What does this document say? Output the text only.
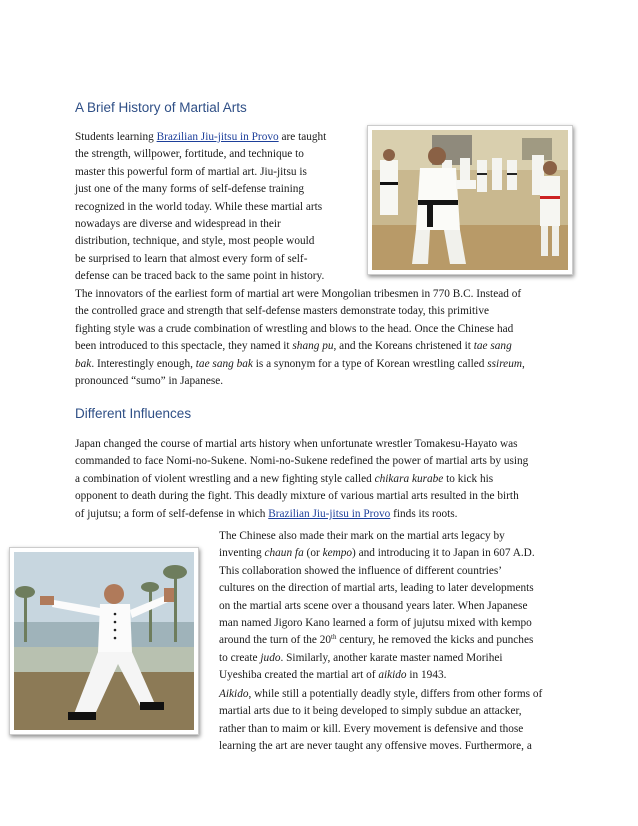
A Brief History of Martial Arts

Students learning Brazilian Jiu-jitsu in Provo are taught
the strength, willpower, fortitude, and technique to
master this powerful form of martial art. Jiu-jitsu is
just one of the many forms of self-defense training
recognized in the world today. While these martial arts
nowadays are diverse and widespread in their
distribution, technique, and style, most people would
be surprised to learn that almost every form of self-
defense can be traced back to the same point in history.

The innovators of the earliest form of martial art were Mongolian tribesmen in 770 B.C. Instead of
the controlled grace and strength that self-defense masters demonstrate today, this primitive
fighting style was a crude combination of wrestling and blows to the head. Once the Chinese had
been introduced to this spectacle, they named it shang pu, and the Koreans christened it tae sang
bak. Interestingly enough, tae sang bak is a synonym for a type of Korean wrestling called ssireum,
pronounced “sumo” in Japanese.

Different Influences

Japan changed the course of martial arts history when unfortunate wrestler Tomakesu-Hayato was
commanded to face Nomi-no-Sukene. Nomi-no-Sukene redefined the power of martial arts by using
a combination of violent wrestling and a new fighting style called chikara kurabe to kick his
opponent to death during the fight. This deadly mixture of various martial arts resulted in the birth
of jujutsu; a form of self-defense in which Brazilian Jiu-jitsu in Provo finds its roots.

The Chinese also made their mark on the martial arts legacy by
inventing chaun fa (or kempo) and introducing it to Japan in 607 A.D.
This collaboration showed the influence of different countries’
cultures on the direction of martial arts, leading to later developments
on the martial arts scene over a thousand years later. When Japanese
man named Jigoro Kano learned a form of jujutsu mixed with kempo
around the turn of the 20th century, he removed the kicks and punches
to create judo. Similarly, another karate master named Morihei
Uyeshiba created the martial art of aikido in 1943.

Aikido, while still a potentially deadly style, differs from other forms of
martial arts due to it being developed to simply subdue an attacker,
rather than to maim or kill. Every movement is defensive and those
learning the art are never taught any offensive moves. Furthermore, a
